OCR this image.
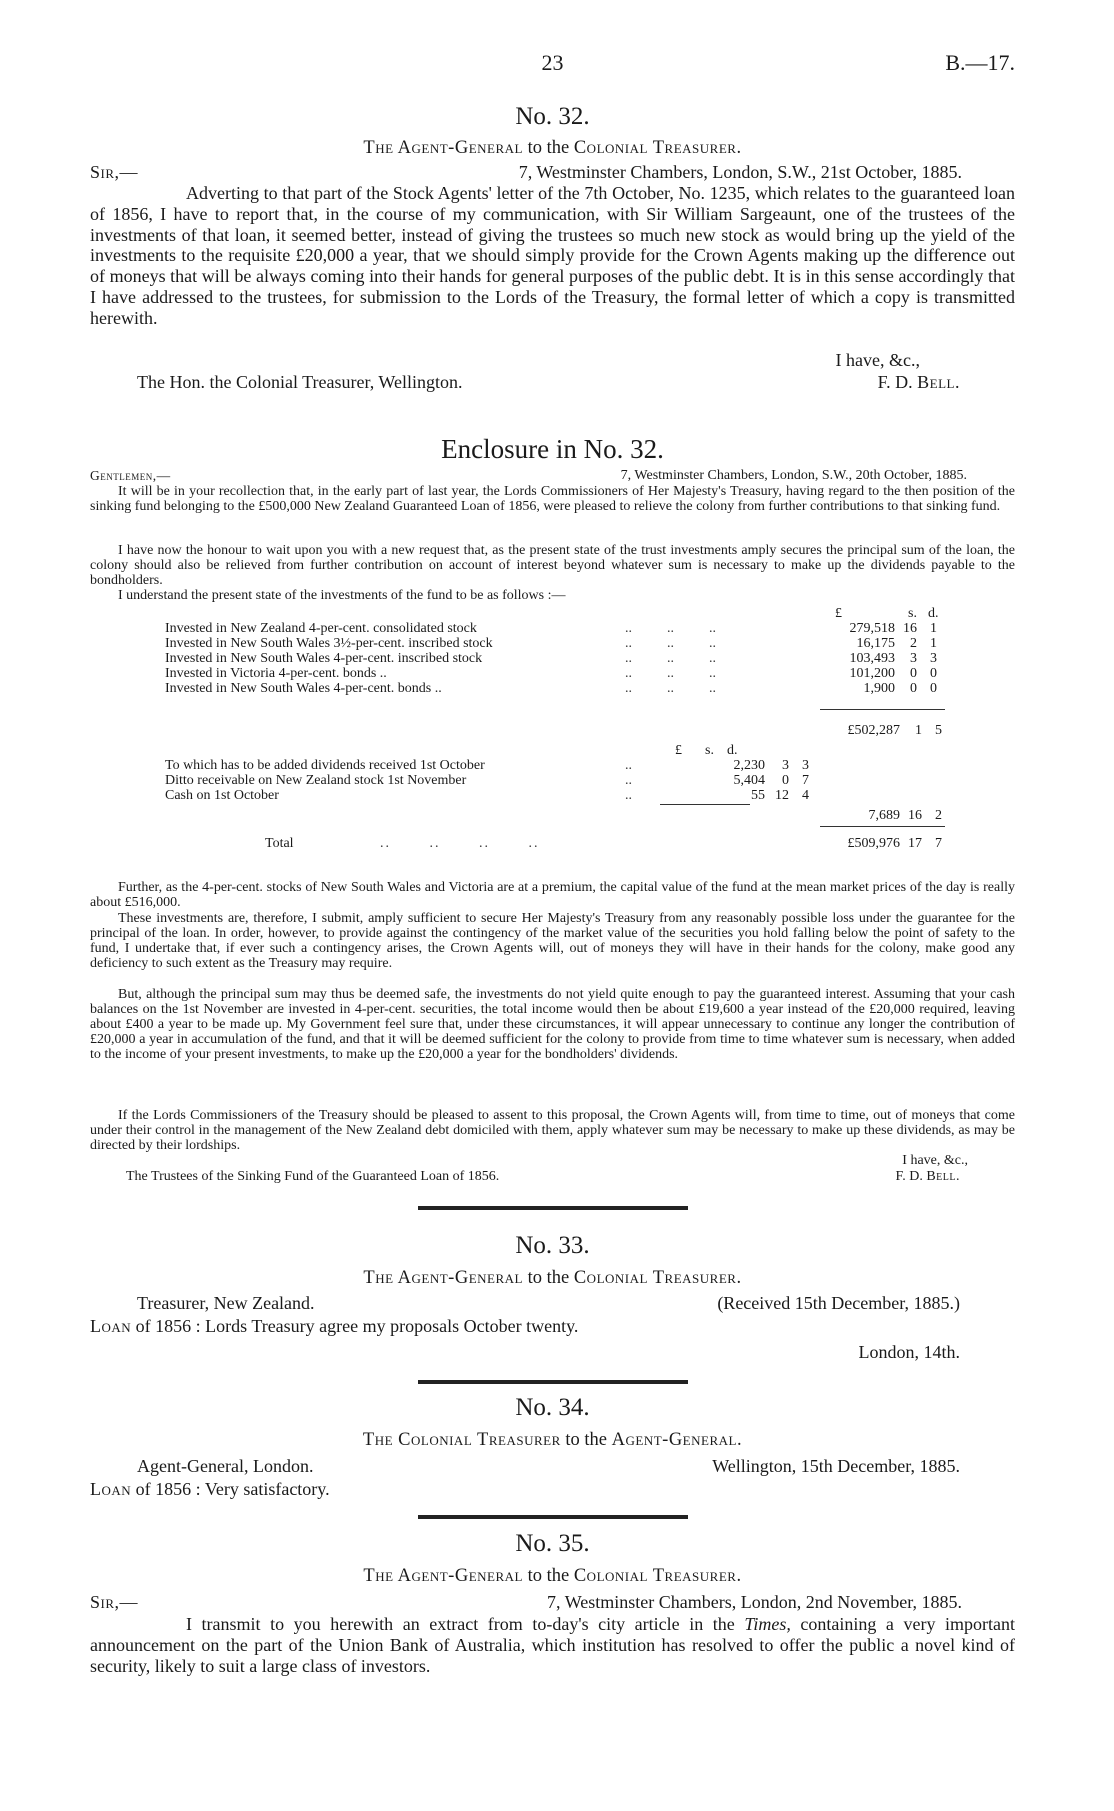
23	B.—17.
No. 32.
The Agent-General to the Colonial Treasurer.
Sir,—	7, Westminster Chambers, London, S.W., 21st October, 1885.

Adverting to that part of the Stock Agents' letter of the 7th October, No. 1235, which relates to the guaranteed loan of 1856, I have to report that, in the course of my communication, with Sir William Sargeaunt, one of the trustees of the investments of that loan, it seemed better, instead of giving the trustees so much new stock as would bring up the yield of the investments to the requisite £20,000 a year, that we should simply provide for the Crown Agents making up the difference out of moneys that will be always coming into their hands for general purposes of the public debt. It is in this sense accordingly that I have addressed to the trustees, for submission to the Lords of the Treasury, the formal letter of which a copy is transmitted herewith.

I have, &c.,
The Hon. the Colonial Treasurer, Wellington.	F. D. Bell.
Enclosure in No. 32.
Gentlemen,—	7, Westminster Chambers, London, S.W., 20th October, 1885.

It will be in your recollection that, in the early part of last year, the Lords Commissioners of Her Majesty's Treasury, having regard to the then position of the sinking fund belonging to the £500,000 New Zealand Guaranteed Loan of 1856, were pleased to relieve the colony from further contributions to that sinking fund.

I have now the honour to wait upon you with a new request that, as the present state of the trust investments amply secures the principal sum of the loan, the colony should also be relieved from further contribution on account of interest beyond whatever sum is necessary to make up the dividends payable to the bondholders.

I understand the present state of the investments of the fund to be as follows :—

£	s. d.
Invested in New Zealand 4-per-cent. consolidated stock	..          ..          ..	279,518	16	1
Invested in New South Wales 3½-per-cent. inscribed stock	..          ..          ..	16,175	2	1
Invested in New South Wales 4-per-cent. inscribed stock	..          ..          ..	103,493	3	3
Invested in Victoria 4-per-cent. bonds ..	..          ..          ..	101,200	0	0
Invested in New South Wales 4-per-cent. bonds ..	..          ..          ..	1,900	0	0
£502,287	1 5
£ s. d.
To which has to be added dividends received 1st October	..	2,230	3	3
Ditto receivable on New Zealand stock 1st November	..	5,404	0	7
Cash on 1st October	..	55	12	4
7,689 16 2
Total	..       ..       ..       ..	£509,976 17 7

Further, as the 4-per-cent. stocks of New South Wales and Victoria are at a premium, the capital value of the fund at the mean market prices of the day is really about £516,000.

These investments are, therefore, I submit, amply sufficient to secure Her Majesty's Treasury from any reasonably possible loss under the guarantee for the principal of the loan. In order, however, to provide against the contingency of the market value of the securities you hold falling below the point of safety to the fund, I undertake that, if ever such a contingency arises, the Crown Agents will, out of moneys they will have in their hands for the colony, make good any deficiency to such extent as the Treasury may require.

But, although the principal sum may thus be deemed safe, the investments do not yield quite enough to pay the guaranteed interest. Assuming that your cash balances on the 1st November are invested in 4-per-cent. securities, the total income would then be about £19,600 a year instead of the £20,000 required, leaving about £400 a year to be made up. My Government feel sure that, under these circumstances, it will appear unnecessary to continue any longer the contribution of £20,000 a year in accumulation of the fund, and that it will be deemed sufficient for the colony to provide from time to time whatever sum is necessary, when added to the income of your present investments, to make up the £20,000 a year for the bondholders' dividends.

If the Lords Commissioners of the Treasury should be pleased to assent to this proposal, the Crown Agents will, from time to time, out of moneys that come under their control in the management of the New Zealand debt domiciled with them, apply whatever sum may be necessary to make up these dividends, as may be directed by their lordships.

I have, &c.,
The Trustees of the Sinking Fund of the Guaranteed Loan of 1856.	F. D. Bell.
No. 33.
The Agent-General to the Colonial Treasurer.
Treasurer, New Zealand.	(Received 15th December, 1885.)
Loan of 1856 : Lords Treasury agree my proposals October twenty.
London, 14th.
No. 34.
The Colonial Treasurer to the Agent-General.
Agent-General, London.	Wellington, 15th December, 1885.
Loan of 1856 : Very satisfactory.
No. 35.
The Agent-General to the Colonial Treasurer.
Sir,—	7, Westminster Chambers, London, 2nd November, 1885.

I transmit to you herewith an extract from to-day's city article in the Times, containing a very important announcement on the part of the Union Bank of Australia, which institution has resolved to offer the public a novel kind of security, likely to suit a large class of investors.
